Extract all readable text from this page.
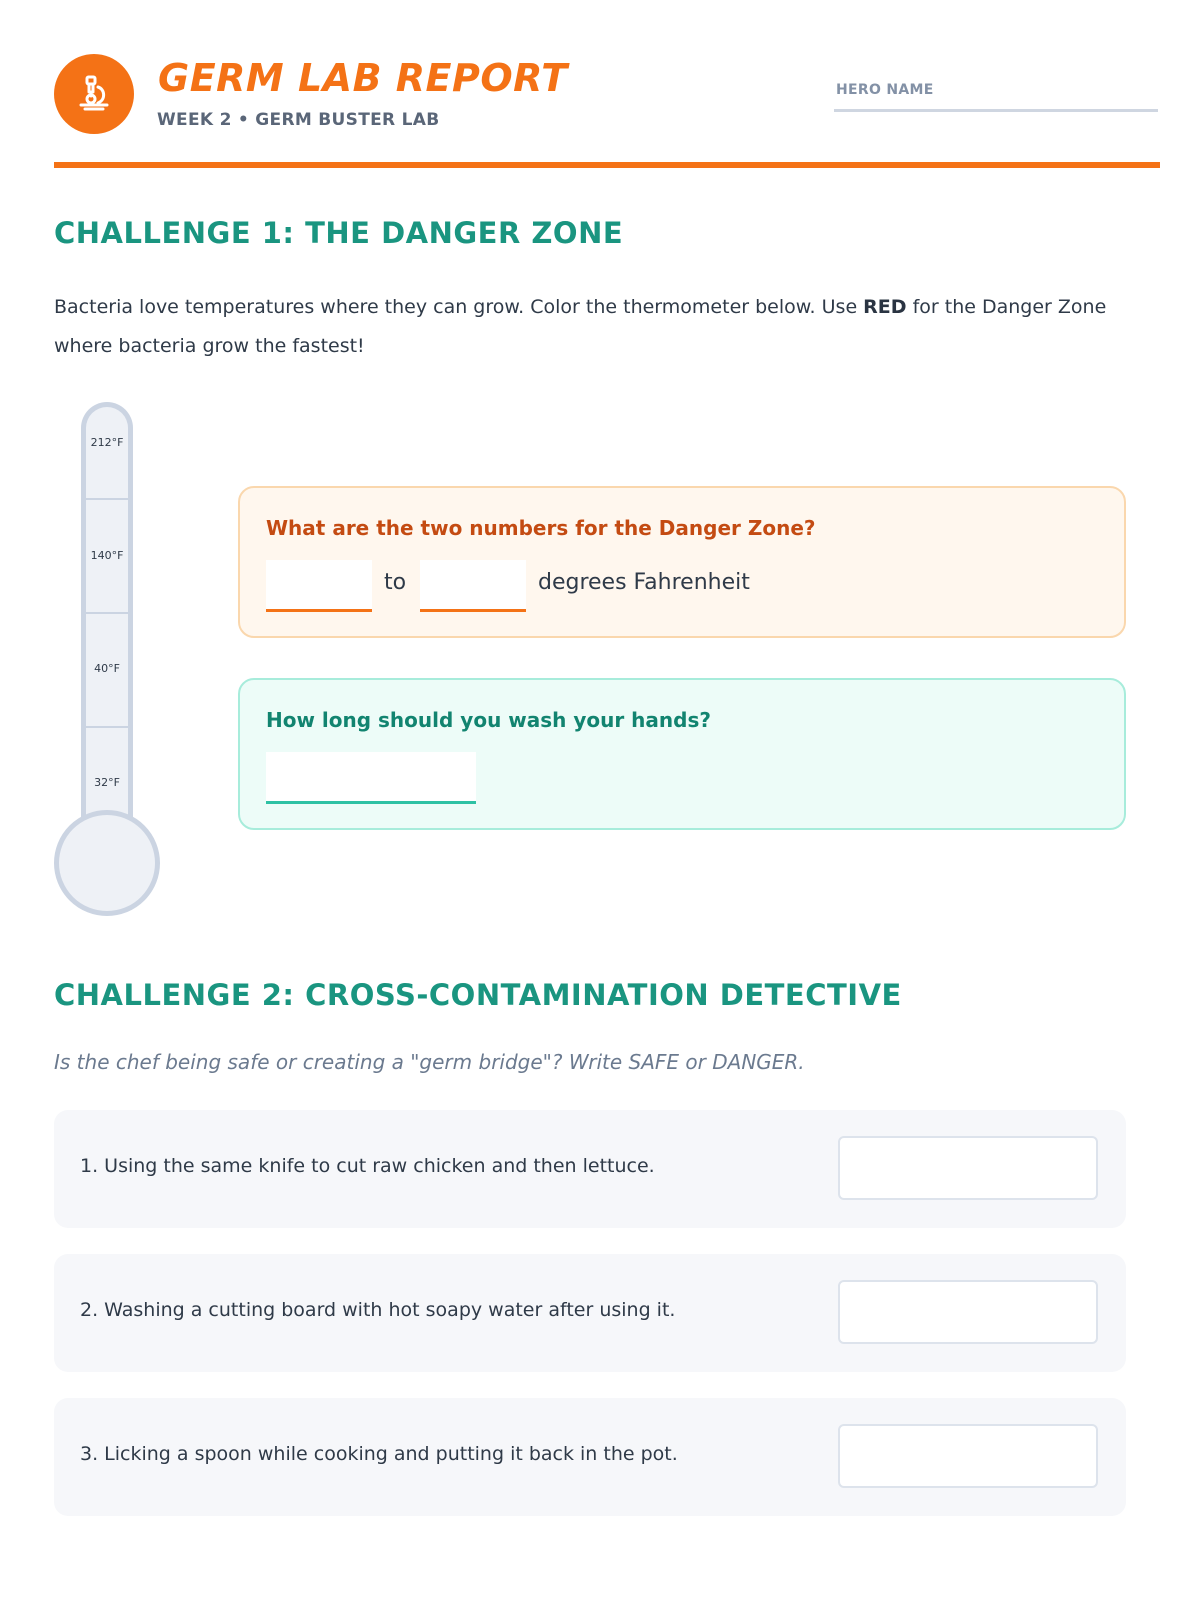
GERM LAB REPORT
WEEK 2 • GERM BUSTER LAB
HERO NAME
CHALLENGE 1: THE DANGER ZONE

Bacteria love temperatures where they can grow. Color the thermometer below. Use RED for the Danger Zone where bacteria grow the fastest!

212°F
140°F
40°F
32°F
What are the two numbers for the Danger Zone?
to	degrees Fahrenheit
How long should you wash your hands?
CHALLENGE 2: CROSS-CONTAMINATION DETECTIVE
Is the chef being safe or creating a "germ bridge"? Write SAFE or DANGER.
1. Using the same knife to cut raw chicken and then lettuce.
2. Washing a cutting board with hot soapy water after using it.
3. Licking a spoon while cooking and putting it back in the pot.
